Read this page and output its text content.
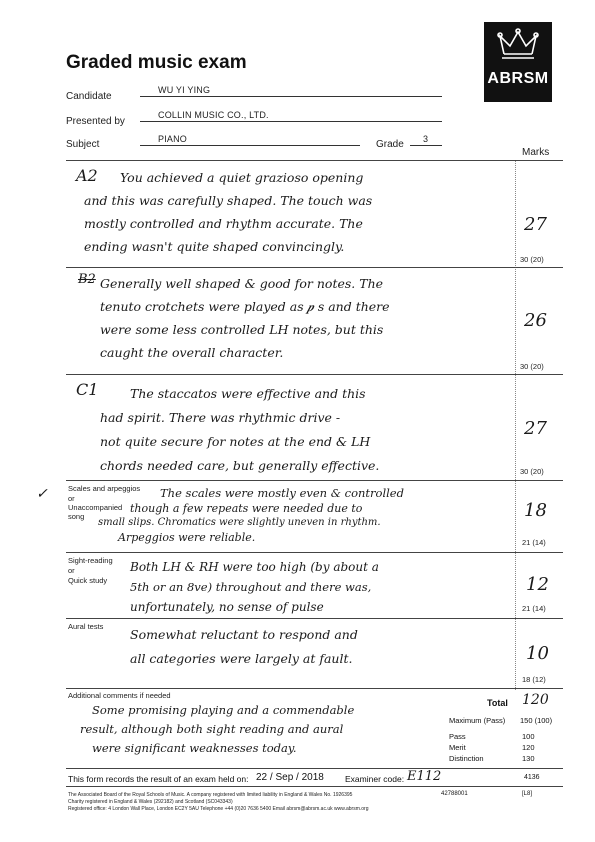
Graded music exam
ABRSM
Candidate
WU YI YING
Presented by
COLLIN MUSIC CO., LTD.
Subject	PIANO	Grade 3
Marks
A2 You achieved a quiet grazioso opening
and this was carefully shaped. The touch was
mostly controlled and rhythm accurate. The
ending wasn't quite shaped convincingly.
27
30 (20)
B2 Generally well shaped & good for notes. The
tenuto crotchets were played as 𝆏 s and there
were some less controlled LH notes, but this
caught the overall character.
26
30 (20)
C1	The staccatos were effective and this
had spirit. There was rhythmic drive -
not quite secure for notes at the end & LH
chords needed care, but generally effective.
27
30 (20)
✓	Scales and arpeggios
or
Unaccompanied
song
The scales were mostly even & controlled
though a few repeats were needed due to
small slips. Chromatics were slightly uneven in rhythm.
Arpeggios were reliable.
18
21 (14)
Sight-reading
or
Quick study
Both LH & RH were too high (by about a
5th or an 8ve) throughout and there was,
unfortunately, no sense of pulse
12
21 (14)
Aural tests
Somewhat reluctant to respond and
all categories were largely at fault.	10
18 (12)
Additional comments if needed
Some promising playing and a commendable
result, although both sight reading and aural
were significant weaknesses today.
Total 120
Maximum (Pass) 150 (100)
Pass	100
Merit	120
Distinction	130
This form records the result of an exam held on: 22 / Sep / 2018 Examiner code: E112	4136
The Associated Board of the Royal Schools of Music. A company registered with limited liability in England & Wales No. 1926395
Charity registered in England & Wales (292182) and Scotland (SC043343)
Registered office: 4 London Wall Place, London EC2Y 5AU Telephone +44 (0)20 7636 5400 Email abrsm@abrsm.ac.uk www.abrsm.org
42788001	[L8]
